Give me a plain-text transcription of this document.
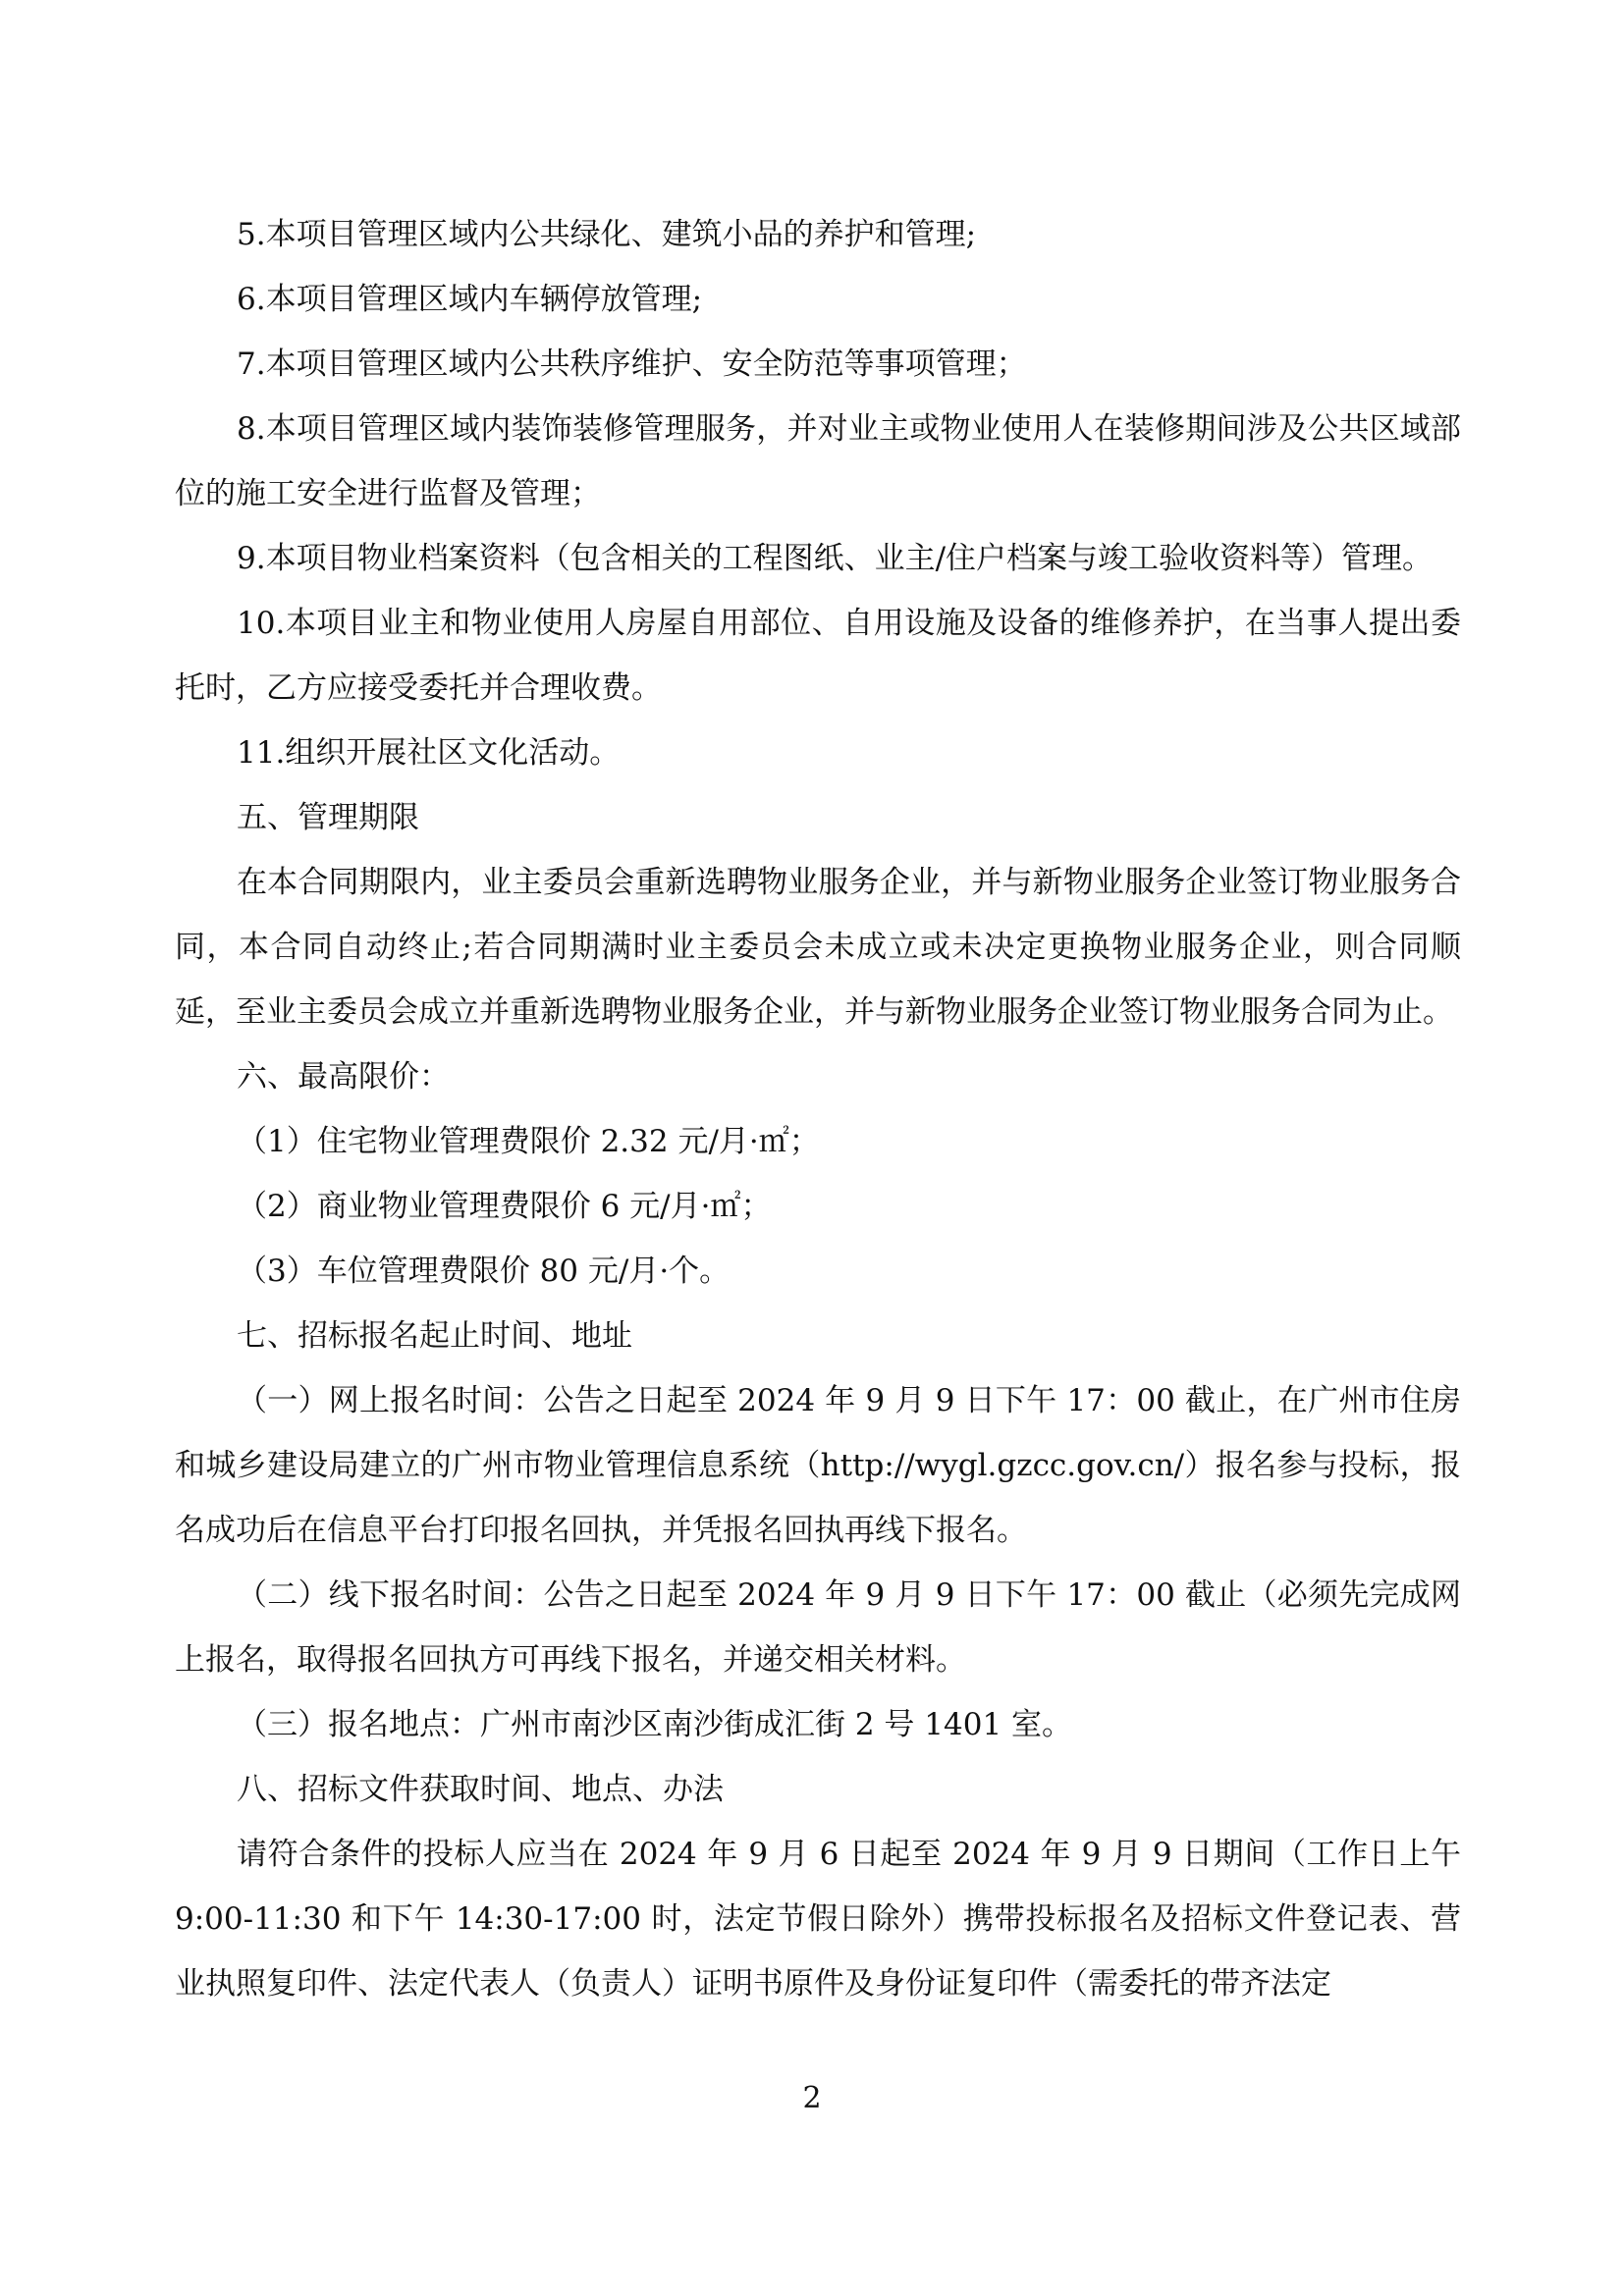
5.本项目管理区域内公共绿化、建筑小品的养护和管理;

6.本项目管理区域内车辆停放管理;

7.本项目管理区域内公共秩序维护、安全防范等事项管理；

8.本项目管理区域内装饰装修管理服务，并对业主或物业使用人在装修期间涉及公共区域部位的施工安全进行监督及管理；

9.本项目物业档案资料（包含相关的工程图纸、业主/住户档案与竣工验收资料等）管理。

10.本项目业主和物业使用人房屋自用部位、自用设施及设备的维修养护，在当事人提出委托时，乙方应接受委托并合理收费。

11.组织开展社区文化活动。

五、管理期限

在本合同期限内，业主委员会重新选聘物业服务企业，并与新物业服务企业签订物业服务合同，本合同自动终止;若合同期满时业主委员会未成立或未决定更换物业服务企业，则合同顺延，至业主委员会成立并重新选聘物业服务企业，并与新物业服务企业签订物业服务合同为止。

六、最高限价：

（1）住宅物业管理费限价 2.32 元/月·㎡；

（2）商业物业管理费限价 6 元/月·㎡；

（3）车位管理费限价 80 元/月·个。

七、招标报名起止时间、地址

（一）网上报名时间：公告之日起至 2024 年 9 月 9 日下午 17：00 截止，在广州市住房和城乡建设局建立的广州市物业管理信息系统（http://wygl.gzcc.gov.cn/）报名参与投标，报名成功后在信息平台打印报名回执，并凭报名回执再线下报名。

（二）线下报名时间：公告之日起至 2024 年 9 月 9 日下午 17：00 截止（必须先完成网上报名，取得报名回执方可再线下报名，并递交相关材料。

（三）报名地点：广州市南沙区南沙街成汇街 2 号 1401 室。

八、招标文件获取时间、地点、办法

请符合条件的投标人应当在 2024 年 9 月 6 日起至 2024 年 9 月 9 日期间（工作日上午 9:00-11:30 和下午 14:30-17:00 时，法定节假日除外）携带投标报名及招标文件登记表、营业执照复印件、法定代表人（负责人）证明书原件及身份证复印件（需委托的带齐法定

2
